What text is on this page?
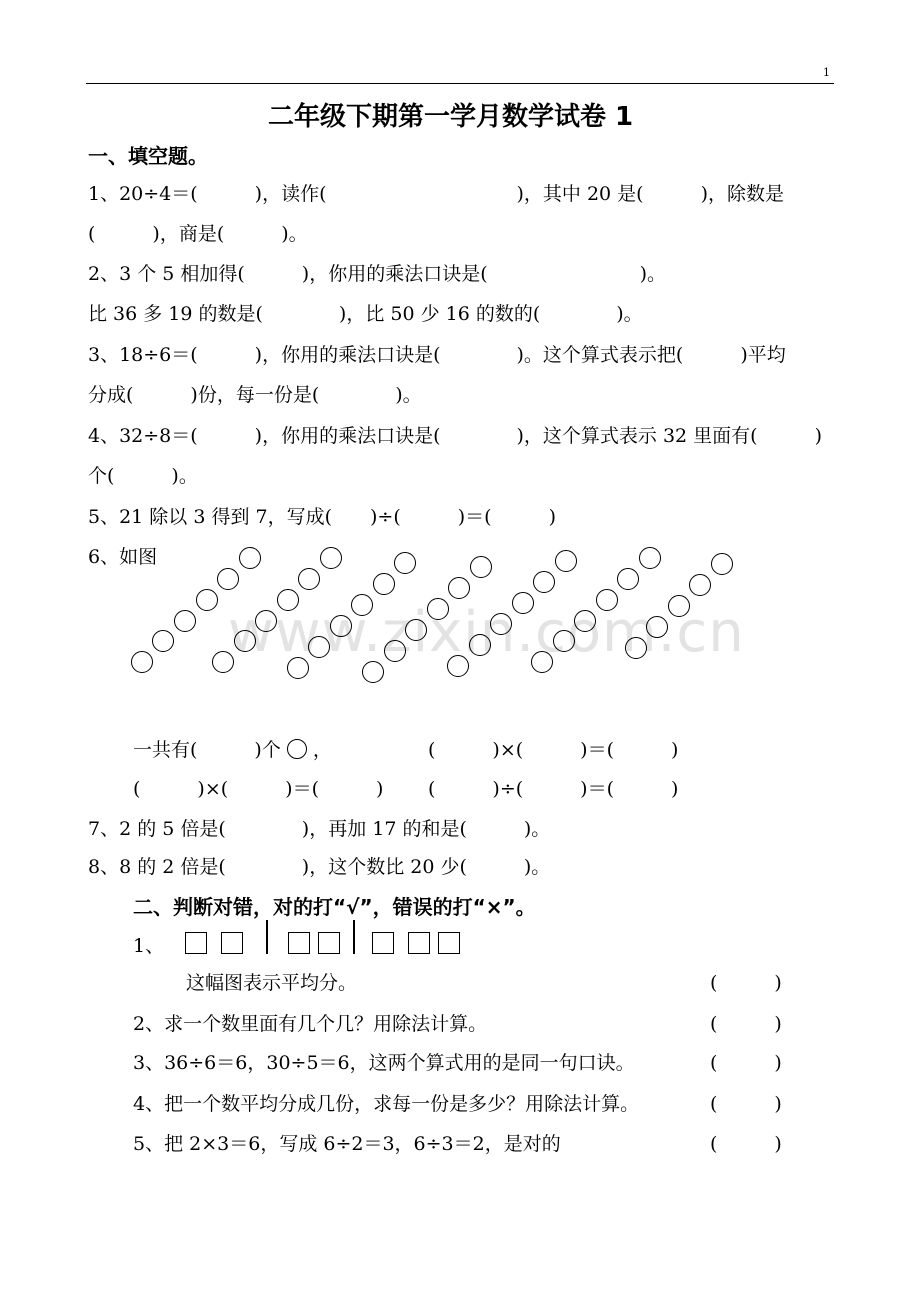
1
二年级下期第一学月数学试卷 1
www.zixin.com.cn
一、填空题。
1、20÷4＝(　　　)，读作(　　　　　　　　　　)，其中 20 是(　　　)，除数是
(　　　)，商是(　　　)。
2、3 个 5 相加得(　　　)，你用的乘法口诀是(　　　　　　　　)。
比 36 多 19 的数是(　　　　)，比 50 少 16 的数的(　　　　)。
3、18÷6＝(　　　)，你用的乘法口诀是(　　　　)。这个算式表示把(　　　)平均
分成(　　　)份，每一份是(　　　　)。
4、32÷8＝(　　　)，你用的乘法口诀是(　　　　)，这个算式表示 32 里面有(　　　)
个(　　　)。
5、21 除以 3 得到 7，写成(　　)÷(　　　)＝(　　　)
6、如图
一共有(　　　)个 ，	(　　　)×(　　　)＝(　　　)
(　　　)×(　　　)＝(　　　) (　　　)÷(　　　)＝(　　　)
7、2 的 5 倍是(　　　　)，再加 17 的和是(　　　)。
8、8 的 2 倍是(　　　　)，这个数比 20 少(　　　)。
二、判断对错，对的打“√”，错误的打“×”。
1、
这幅图表示平均分。	(　　　)
2、求一个数里面有几个几？用除法计算。	(　　　)
3、36÷6＝6，30÷5＝6，这两个算式用的是同一句口诀。	(　　　)
4、把一个数平均分成几份，求每一份是多少？用除法计算。	(　　　)
5、把 2×3＝6，写成 6÷2＝3，6÷3＝2，是对的	(　　　)
